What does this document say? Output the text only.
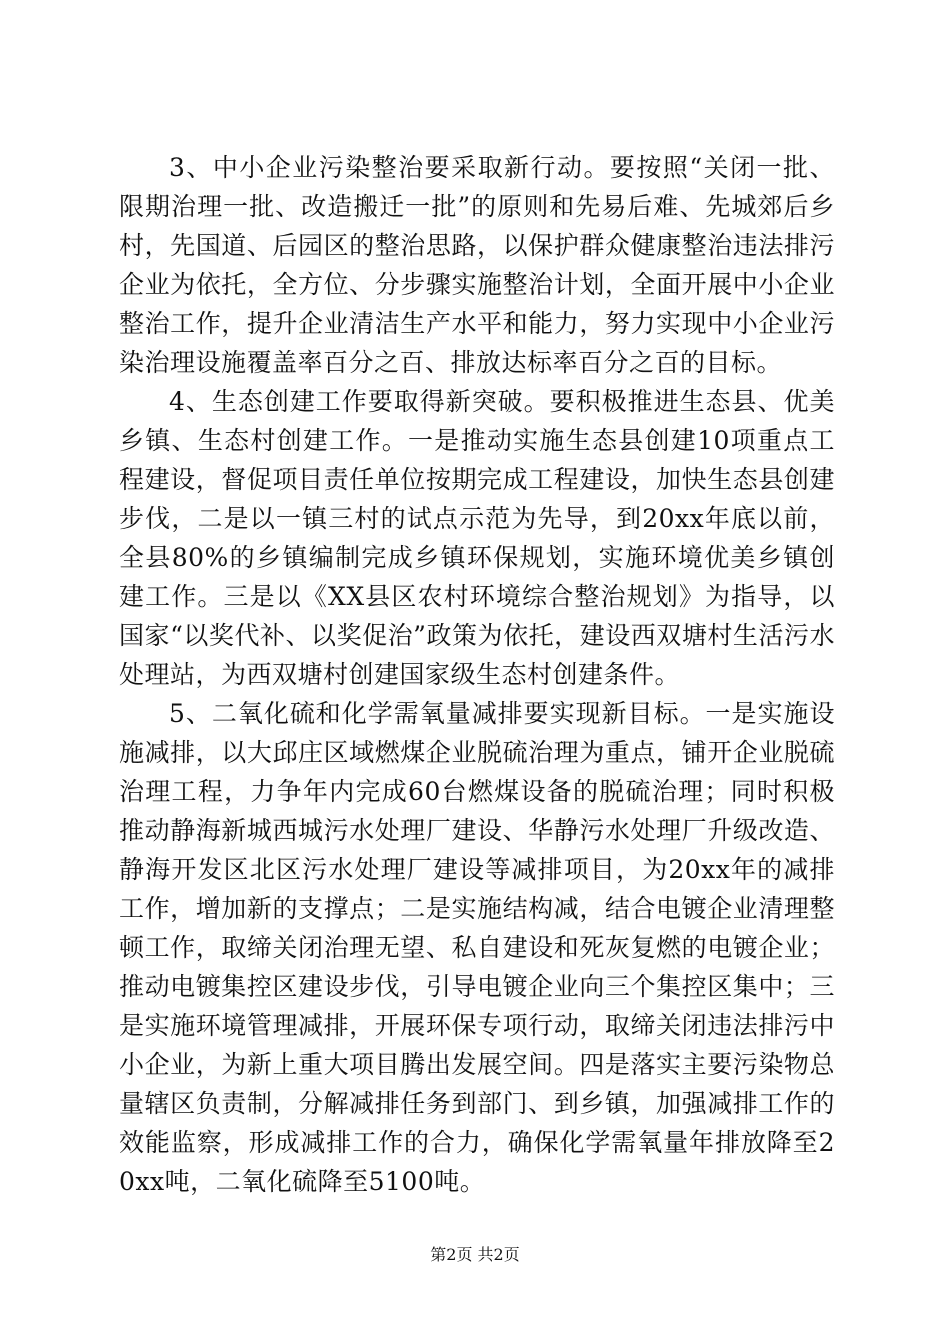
3、中小企业污染整治要采取新行动。要按照“关闭一批、限期治理一批、改造搬迁一批”的原则和先易后难、先城郊后乡村，先国道、后园区的整治思路，以保护群众健康整治违法排污企业为依托，全方位、分步骤实施整治计划，全面开展中小企业整治工作，提升企业清洁生产水平和能力，努力实现中小企业污染治理设施覆盖率百分之百、排放达标率百分之百的目标。

4、生态创建工作要取得新突破。要积极推进生态县、优美乡镇、生态村创建工作。一是推动实施生态县创建10项重点工程建设，督促项目责任单位按期完成工程建设，加快生态县创建步伐，二是以一镇三村的试点示范为先导，到20xx年底以前，全县80%的乡镇编制完成乡镇环保规划，实施环境优美乡镇创建工作。三是以《XX县区农村环境综合整治规划》为指导，以国家“以奖代补、以奖促治”政策为依托，建设西双塘村生活污水处理站，为西双塘村创建国家级生态村创建条件。

5、二氧化硫和化学需氧量减排要实现新目标。一是实施设施减排，以大邱庄区域燃煤企业脱硫治理为重点，铺开企业脱硫治理工程，力争年内完成60台燃煤设备的脱硫治理；同时积极推动静海新城西城污水处理厂建设、华静污水处理厂升级改造、静海开发区北区污水处理厂建设等减排项目，为20xx年的减排工作，增加新的支撑点；二是实施结构减，结合电镀企业清理整顿工作，取缔关闭治理无望、私自建设和死灰复燃的电镀企业；推动电镀集控区建设步伐，引导电镀企业向三个集控区集中；三是实施环境管理减排，开展环保专项行动，取缔关闭违法排污中小企业，为新上重大项目腾出发展空间。四是落实主要污染物总量辖区负责制，分解减排任务到部门、到乡镇，加强减排工作的效能监察，形成减排工作的合力，确保化学需氧量年排放降至20xx吨，二氧化硫降至5100吨。

第2页 共2页
